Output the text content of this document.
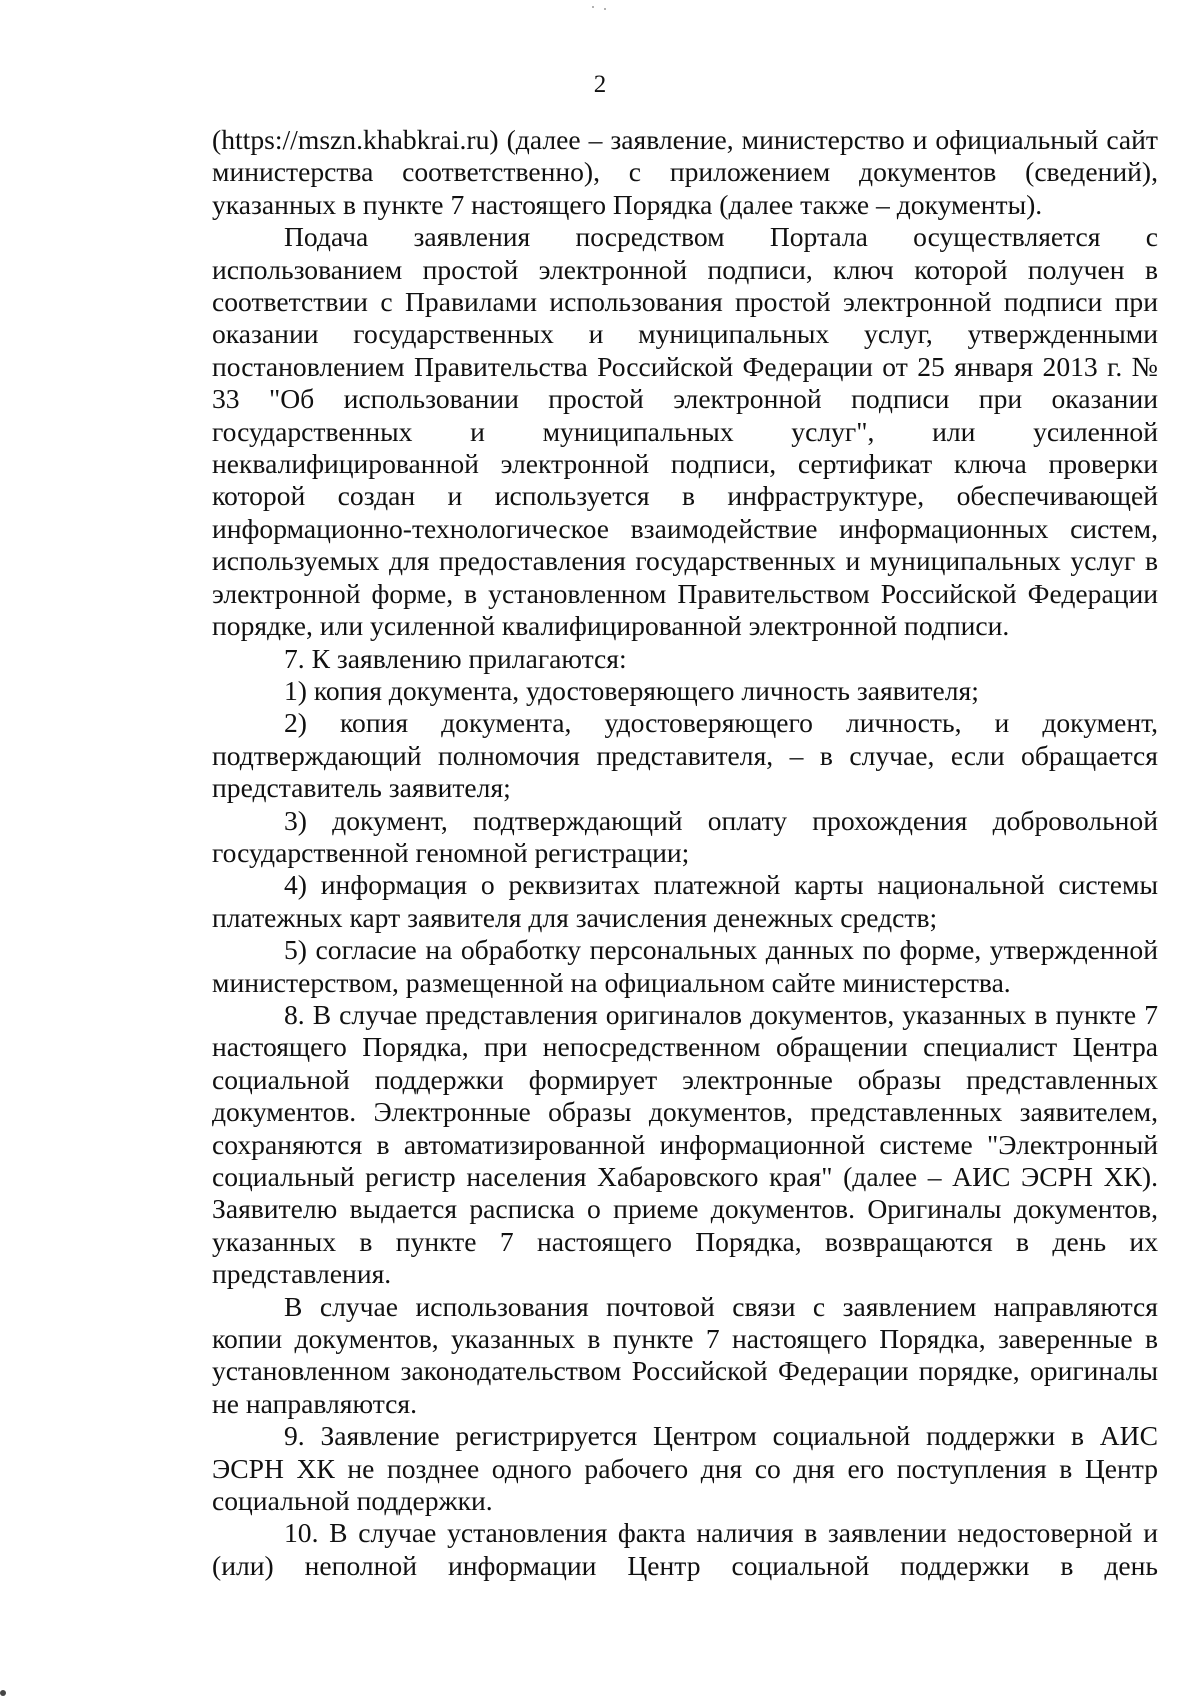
2

(https://mszn.khabkrai.ru) (далее – заявление, министерство и официальный сайт министерства соответственно), с приложением документов (сведений), указанных в пункте 7 настоящего Порядка (далее также – документы).

Подача заявления посредством Портала осуществляется с использованием простой электронной подписи, ключ которой получен в соответствии с Правилами использования простой электронной подписи при оказании государственных и муниципальных услуг, утвержденными постановлением Правительства Российской Федерации от 25 января 2013 г. № 33 "Об использовании простой электронной подписи при оказании государственных и муниципальных услуг", или усиленной неквалифицированной электронной подписи, сертификат ключа проверки которой создан и используется в инфраструктуре, обеспечивающей информационно-технологическое взаимодействие информационных систем, используемых для предоставления государственных и муниципальных услуг в электронной форме, в установленном Правительством Российской Федерации порядке, или усиленной квалифицированной электронной подписи.

7. К заявлению прилагаются:

1) копия документа, удостоверяющего личность заявителя;

2) копия документа, удостоверяющего личность, и документ, подтверждающий полномочия представителя, – в случае, если обращается представитель заявителя;

3) документ, подтверждающий оплату прохождения добровольной государственной геномной регистрации;

4) информация о реквизитах платежной карты национальной системы платежных карт заявителя для зачисления денежных средств;

5) согласие на обработку персональных данных по форме, утвержденной министерством, размещенной на официальном сайте министерства.

8. В случае представления оригиналов документов, указанных в пункте 7 настоящего Порядка, при непосредственном обращении специалист Центра социальной поддержки формирует электронные образы представленных документов. Электронные образы документов, представленных заявителем, сохраняются в автоматизированной информационной системе "Электронный социальный регистр населения Хабаровского края" (далее – АИС ЭСРН ХК). Заявителю выдается расписка о приеме документов. Оригиналы документов, указанных в пункте 7 настоящего Порядка, возвращаются в день их представления.

В случае использования почтовой связи с заявлением направляются копии документов, указанных в пункте 7 настоящего Порядка, заверенные в установленном законодательством Российской Федерации порядке, оригиналы не направляются.

9. Заявление регистрируется Центром социальной поддержки в АИС ЭСРН ХК не позднее одного рабочего дня со дня его поступления в Центр социальной поддержки.

10. В случае установления факта наличия в заявлении недостоверной и (или) неполной информации Центр социальной поддержки в день
